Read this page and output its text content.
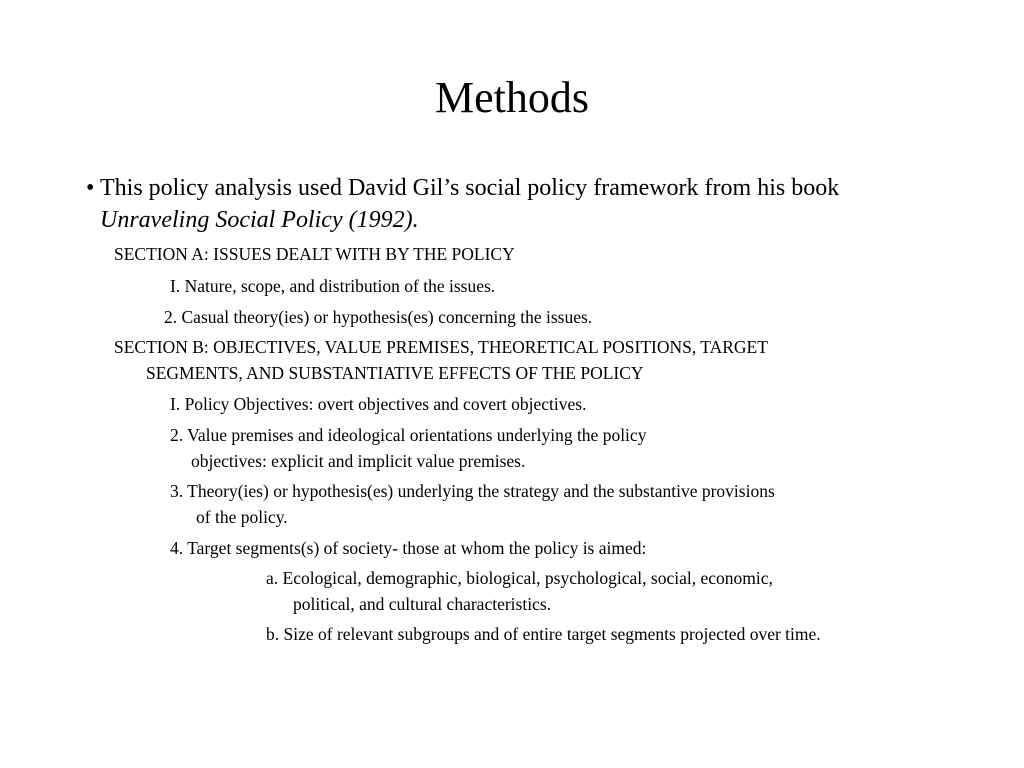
Methods
• This policy analysis used David Gil’s social policy framework from his book Unraveling Social Policy (1992).
SECTION A: ISSUES DEALT WITH BY THE POLICY
I. Nature, scope, and distribution of the issues.
2. Casual theory(ies) or hypothesis(es) concerning the issues.
SECTION B: OBJECTIVES, VALUE PREMISES, THEORETICAL POSITIONS, TARGET
SEGMENTS, AND SUBSTANTIATIVE EFFECTS OF THE POLICY
I. Policy Objectives: overt objectives and covert objectives.
2. Value premises and ideological orientations underlying the policy
objectives: explicit and implicit value premises.
3. Theory(ies) or hypothesis(es) underlying the strategy and the substantive provisions
of the policy.
4. Target segments(s) of society- those at whom the policy is aimed:
a. Ecological, demographic, biological, psychological, social, economic,
political, and cultural characteristics.
b. Size of relevant subgroups and of entire target segments projected over time.
